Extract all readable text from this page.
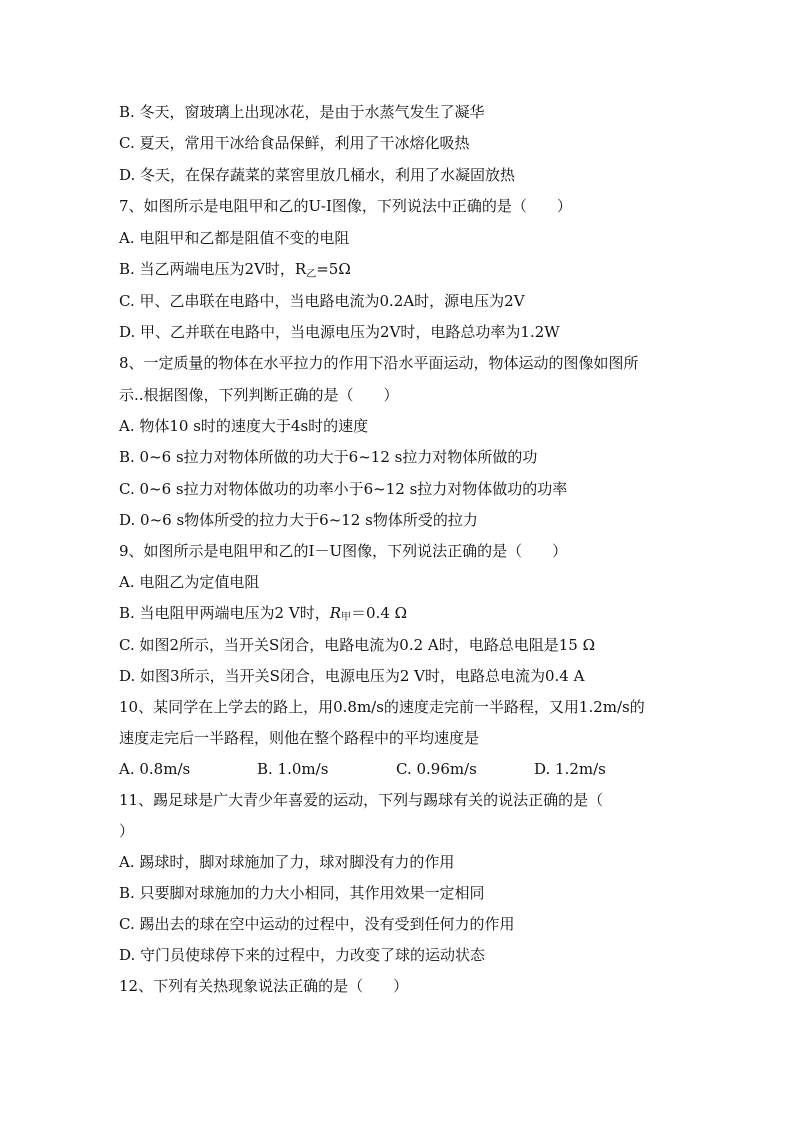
B. 冬天，窗玻璃上出现冰花，是由于水蒸气发生了凝华
C. 夏天，常用干冰给食品保鲜，利用了干冰熔化吸热
D. 冬天，在保存蔬菜的菜窖里放几桶水，利用了水凝固放热
7、如图所示是电阻甲和乙的U-I图像，下列说法中正确的是（　　）
A. 电阻甲和乙都是阻值不变的电阻
B. 当乙两端电压为2V时，$R_乙=5\Omega$
C. 甲、乙串联在电路中，当电路电流为0.2A时，源电压为2V
D. 甲、乙并联在电路中，当电源电压为2V时，电路总功率为1.2W
8、一定质量的物体在水平拉力的作用下沿水平面运动，物体运动的图像如图所
示..根据图像，下列判断正确的是（　　）
A. 物体10 s时的速度大于4s时的速度
B. 0~6 s拉力对物体所做的功大于6~12 s拉力对物体所做的功
C. 0~6 s拉力对物体做功的功率小于6~12 s拉力对物体做功的功率
D. 0~6 s物体所受的拉力大于6~12 s物体所受的拉力
9、如图所示是电阻甲和乙的I－U图像，下列说法正确的是（　　）
A. 电阻乙为定值电阻
B. 当电阻甲两端电压为2 V时，R甲＝0.4 Ω
C. 如图2所示，当开关S闭合，电路电流为0.2 A时，电路总电阻是15 Ω
D. 如图3所示，当开关S闭合，电源电压为2 V时，电路总电流为0.4 A
10、某同学在上学去的路上，用0.8m/s的速度走完前一半路程，又用1.2m/s的
速度走完后一半路程，则他在整个路程中的平均速度是
A. 0.8m/s	B. 1.0m/s	C. 0.96m/s	D. 1.2m/s
11、踢足球是广大青少年喜爱的运动，下列与踢球有关的说法正确的是（
）
A. 踢球时，脚对球施加了力，球对脚没有力的作用
B. 只要脚对球施加的力大小相同，其作用效果一定相同
C. 踢出去的球在空中运动的过程中，没有受到任何力的作用
D. 守门员使球停下来的过程中，力改变了球的运动状态
12、下列有关热现象说法正确的是（　　）
